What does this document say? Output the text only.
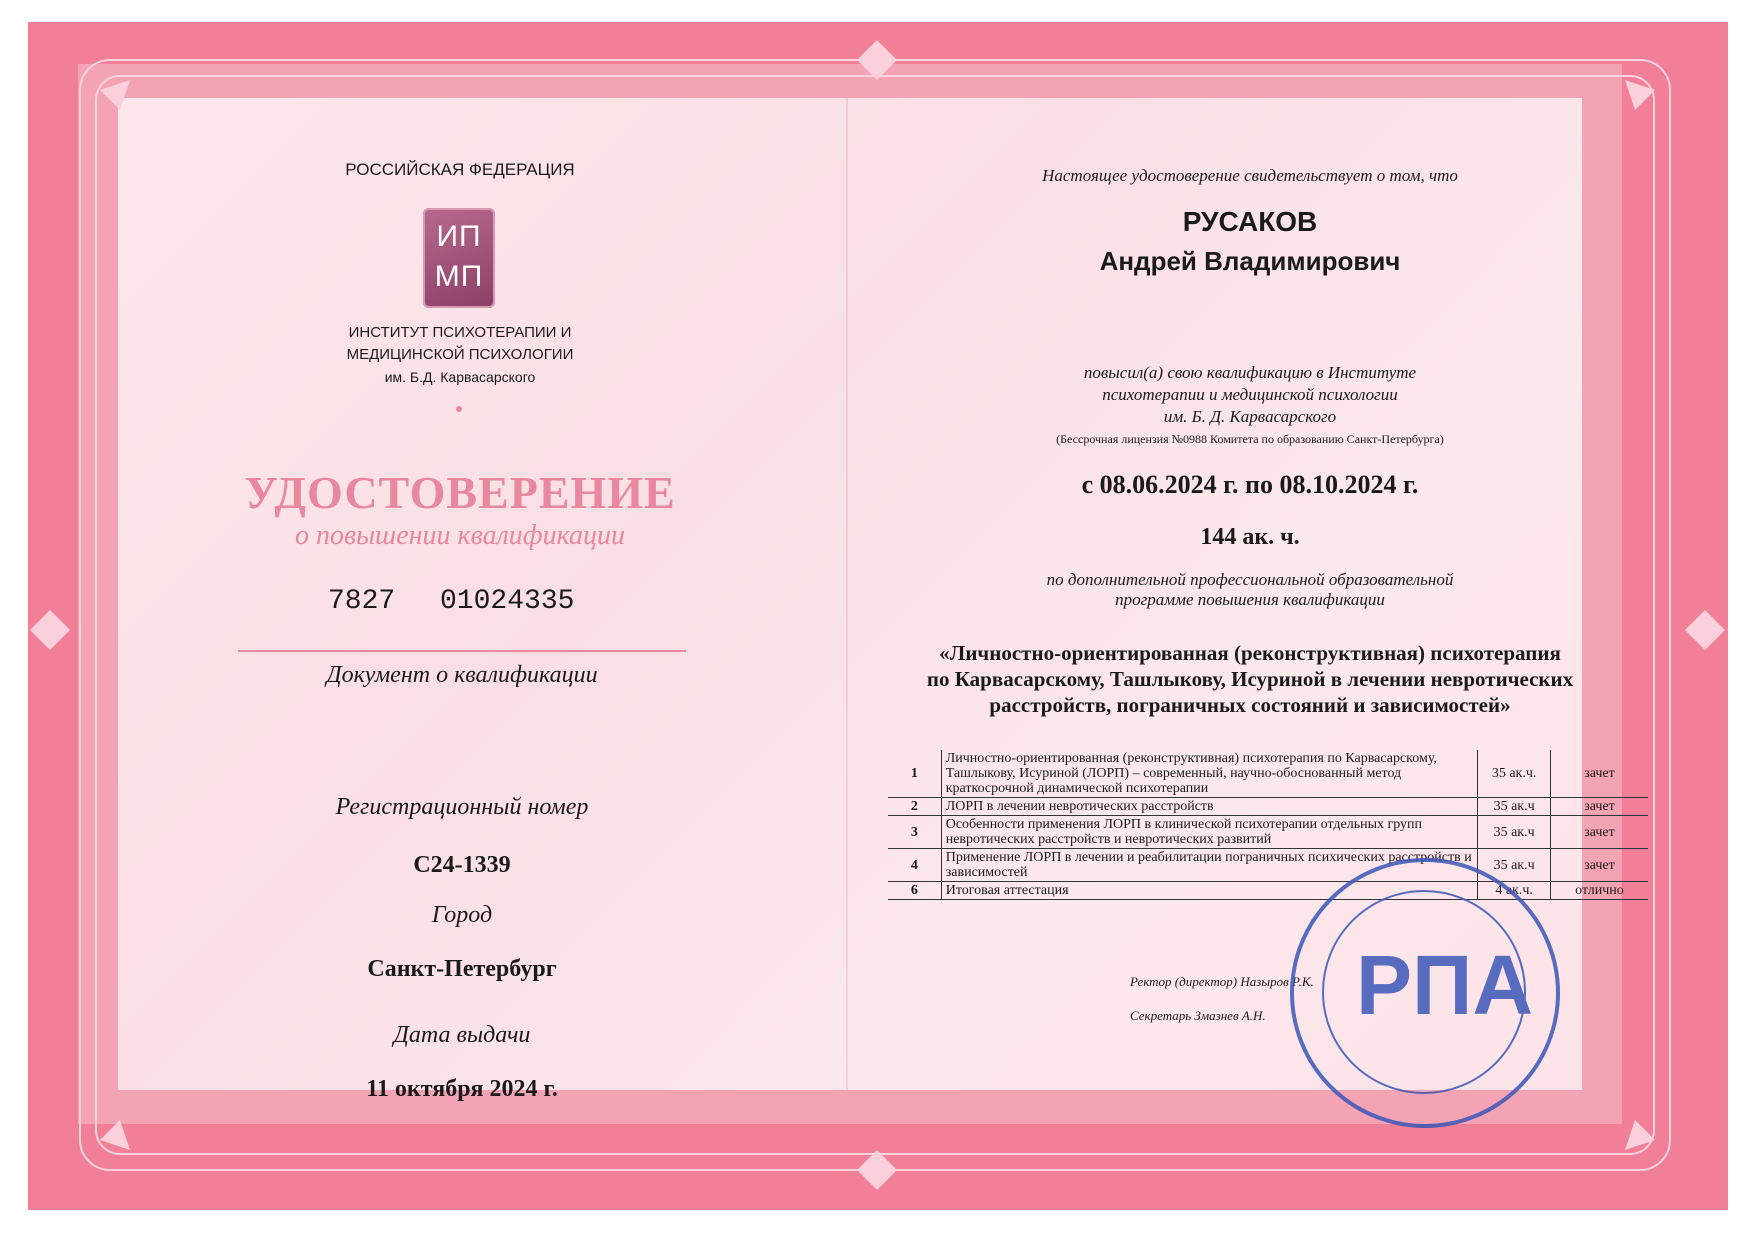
РОССИЙСКАЯ ФЕДЕРАЦИЯ
ИП
МП
ИНСТИТУТ ПСИХОТЕРАПИИ И
МЕДИЦИНСКОЙ ПСИХОЛОГИИ
им. Б.Д. Карвасарского
УДОСТОВЕРЕНИЕ
о повышении квалификации
7827 01024335
Документ о квалификации
Регистрационный номер
С24-1339
Город
Санкт-Петербург
Дата выдачи
11 октября 2024 г.
Настоящее удостоверение свидетельствует о том, что
РУСАКОВ
Андрей Владимирович
повысил(а) свою квалификацию в Институте
психотерапии и медицинской психологии
им. Б. Д. Карвасарского
(Бессрочная лицензия №0988 Комитета по образованию Санкт-Петербурга)
с 08.06.2024 г. по 08.10.2024 г.
144 ак. ч.
по дополнительной профессиональной образовательной
программе повышения квалификации
«Личностно-ориентированная (реконструктивная) психотерапия
по Карвасарскому, Ташлыкову, Исуриной в лечении невротических
расстройств, пограничных состояний и зависимостей»
1	Личностно-ориентированная (реконструктивная) психотерапия по Карвасарскому, Ташлыкову, Исуриной (ЛОРП) – современный, научно-обоснованный метод краткосрочной динамической психотерапии	35 ак.ч.	зачет
2	ЛОРП в лечении невротических расстройств	35 ак.ч	зачет
3	Особенности применения ЛОРП в клинической психотерапии отдельных групп невротических расстройств и невротических развитий	35 ак.ч	зачет
4	Применение ЛОРП в лечении и реабилитации пограничных психических расстройств и зависимостей	35 ак.ч	зачет
6	Итоговая аттестация	4 ак.ч.	отлично
Ректор (директор) Назыров Р.К.
Секретарь Змазнев А.Н. РПА
